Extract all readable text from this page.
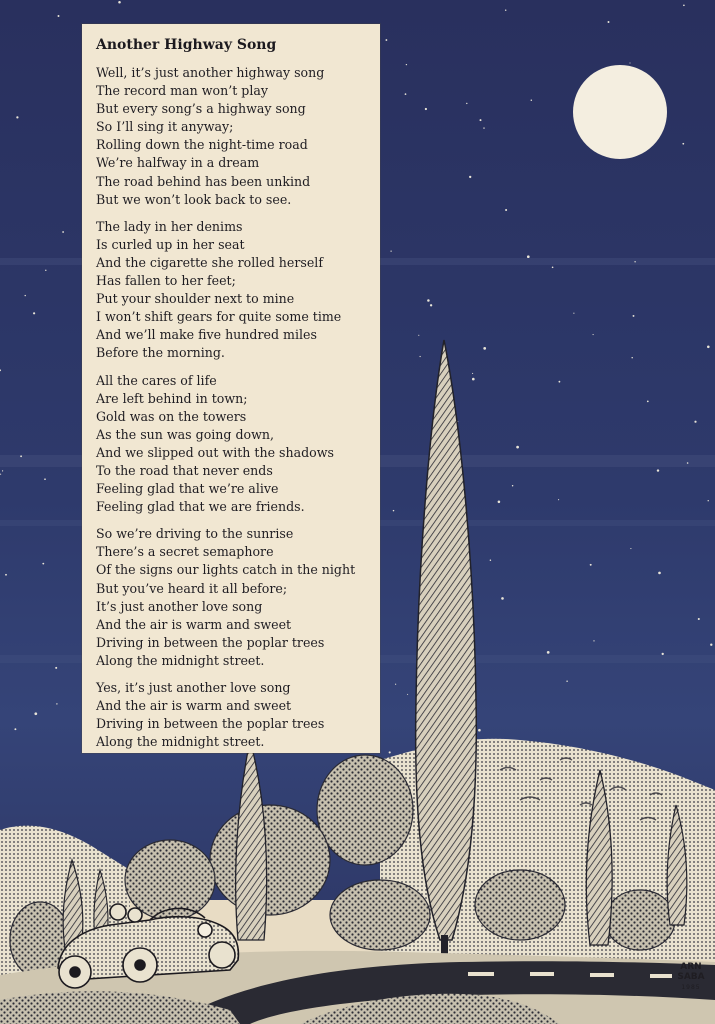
Another Highway Song
Well, it’s just another highway song
The record man won’t play
But every song’s a highway song
So I’ll sing it anyway;
Rolling down the night-time road
We’re halfway in a dream
The road behind has been unkind
But we won’t look back to see.
The lady in her denims
Is curled up in her seat
And the cigarette she rolled herself
Has fallen to her feet;
Put your shoulder next to mine
I won’t shift gears for quite some time
And we’ll make five hundred miles
Before the morning.
All the cares of life
Are left behind in town;
Gold was on the towers
As the sun was going down,
And we slipped out with the shadows
To the road that never ends
Feeling glad that we’re alive
Feeling glad that we are friends.
So we’re driving to the sunrise
There’s a secret semaphore
Of the signs our lights catch in the night
But you’ve heard it all before;
It’s just another love song
And the air is warm and sweet
Driving in between the poplar trees
Along the midnight street.
Yes, it’s just another love song
And the air is warm and sweet
Driving in between the poplar trees
Along the midnight street.
ARN
SABA
1985
